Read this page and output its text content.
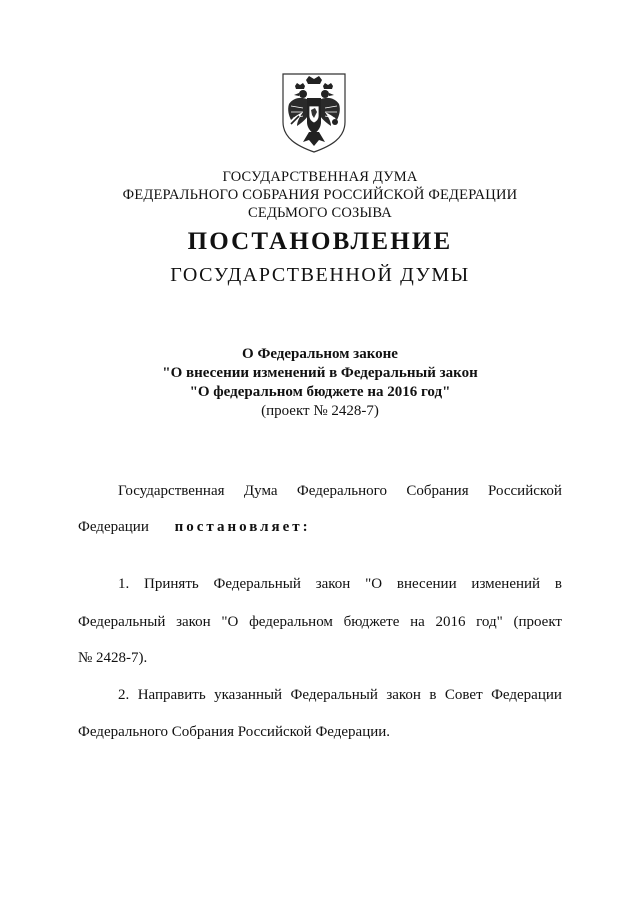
ГОСУДАРСТВЕННАЯ ДУМА
ФЕДЕРАЛЬНОГО СОБРАНИЯ РОССИЙСКОЙ ФЕДЕРАЦИИ
СЕДЬМОГО СОЗЫВА
ПОСТАНОВЛЕНИЕ
ГОСУДАРСТВЕННОЙ ДУМЫ
О Федеральном законе
"О внесении изменений в Федеральный закон
"О федеральном бюджете на 2016 год"
(проект № 2428-7)
Государственная Дума Федерального Собрания Российской
Федерации постановляет:
1. Принять Федеральный закон "О внесении изменений в
Федеральный закон "О федеральном бюджете на 2016 год" (проект
№ 2428-7).
2. Направить указанный Федеральный закон в Совет Федерации
Федерального Собрания Российской Федерации.
